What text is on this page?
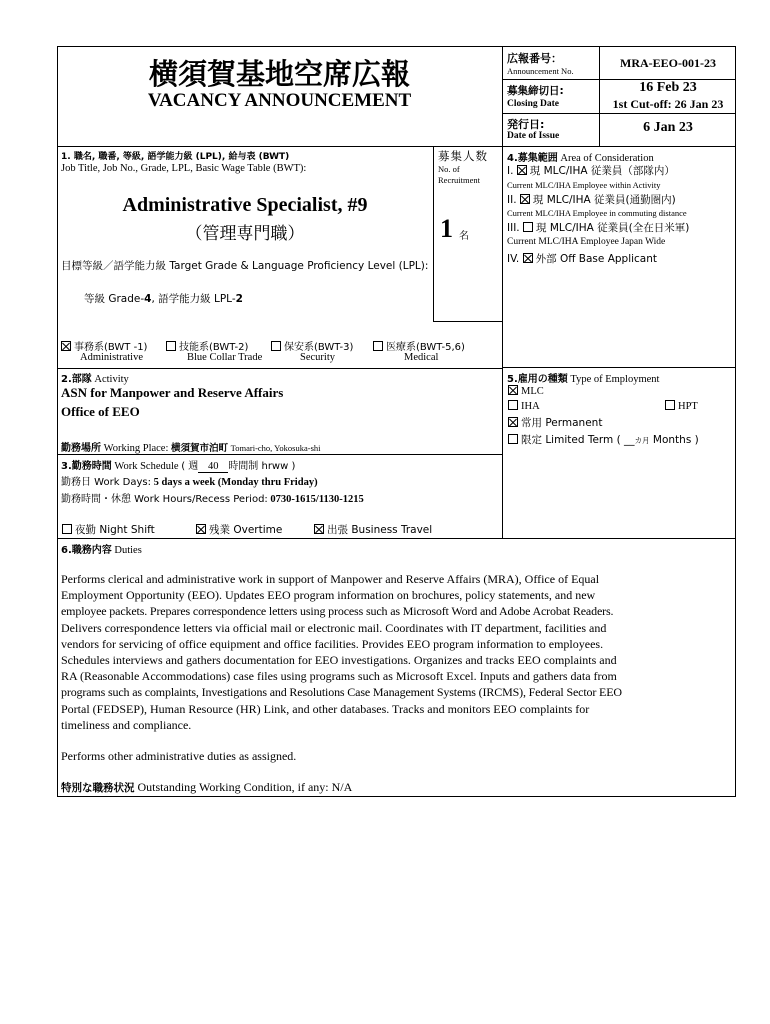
横須賀基地空席広報
VACANCY ANNOUNCEMENT
広報番号：
Announcement No.
MRA-EEO-001-23
募集締切日:
Closing Date
16 Feb 23
1st Cut-off: 26 Jan 23
発行日:
Date of Issue
6 Jan 23
1. 職名, 職番, 等級, 語学能力級 (LPL), 給与表 (BWT)
Job Title, Job No., Grade, LPL, Basic Wage Table (BWT):
Administrative Specialist, #9
（管理専門職）
目標等級／語学能力級 Target Grade & Language Proficiency Level (LPL):
等級 Grade-4, 語学能力級 LPL-2
募集人数
No. of
Recruitment
1 名
事務系(BWT -1)
Administrative
技能系(BWT-2)
Blue Collar Trade
保安系(BWT-3)
Security
医療系(BWT-5,6)
Medical
4.募集範囲 Area of Consideration
I. 現 MLC/IHA 従業員（部隊内）
Current MLC/IHA Employee within Activity
II. 現 MLC/IHA 従業員(通勤圏内)
Current MLC/IHA Employee in commuting distance
III. 現 MLC/IHA 従業員(全在日米軍)
Current MLC/IHA Employee Japan Wide
IV. 外部 Off Base Applicant
2.部隊 Activity
ASN for Manpower and Reserve Affairs
Office of EEO
勤務場所 Working Place: 横須賀市泊町 Tomari-cho, Yokosuka-shi
5.雇用の種類 Type of Employment
MLC
IHA	HPT
常用 Permanent
限定 Limited Term ( __カ月 Months )
3.勤務時間 Work Schedule ( 週 40 時間制 hrww )
勤務日 Work Days: 5 days a week (Monday thru Friday)
勤務時間・休憩 Work Hours/Recess Period: 0730-1615/1130-1215
夜勤 Night Shift	残業 Overtime	出張 Business Travel
6.職務内容 Duties
Performs clerical and administrative work in support of Manpower and Reserve Affairs (MRA), Office of Equal
Employment Opportunity (EEO). Updates EEO program information on brochures, policy statements, and new
employee packets. Prepares correspondence letters using process such as Microsoft Word and Adobe Acrobat Readers.
Delivers correspondence letters via official mail or electronic mail. Coordinates with IT department, facilities and
vendors for servicing of office equipment and office facilities. Provides EEO program information to employees.
Schedules interviews and gathers documentation for EEO investigations. Organizes and tracks EEO complaints and
RA (Reasonable Accommodations) case files using programs such as Microsoft Excel. Inputs and gathers data from
programs such as complaints, Investigations and Resolutions Case Management Systems (IRCMS), Federal Sector EEO
Portal (FEDSEP), Human Resource (HR) Link, and other databases. Tracks and monitors EEO complaints for
timeliness and compliance.
Performs other administrative duties as assigned.
特別な職務状況 Outstanding Working Condition, if any: N/A
